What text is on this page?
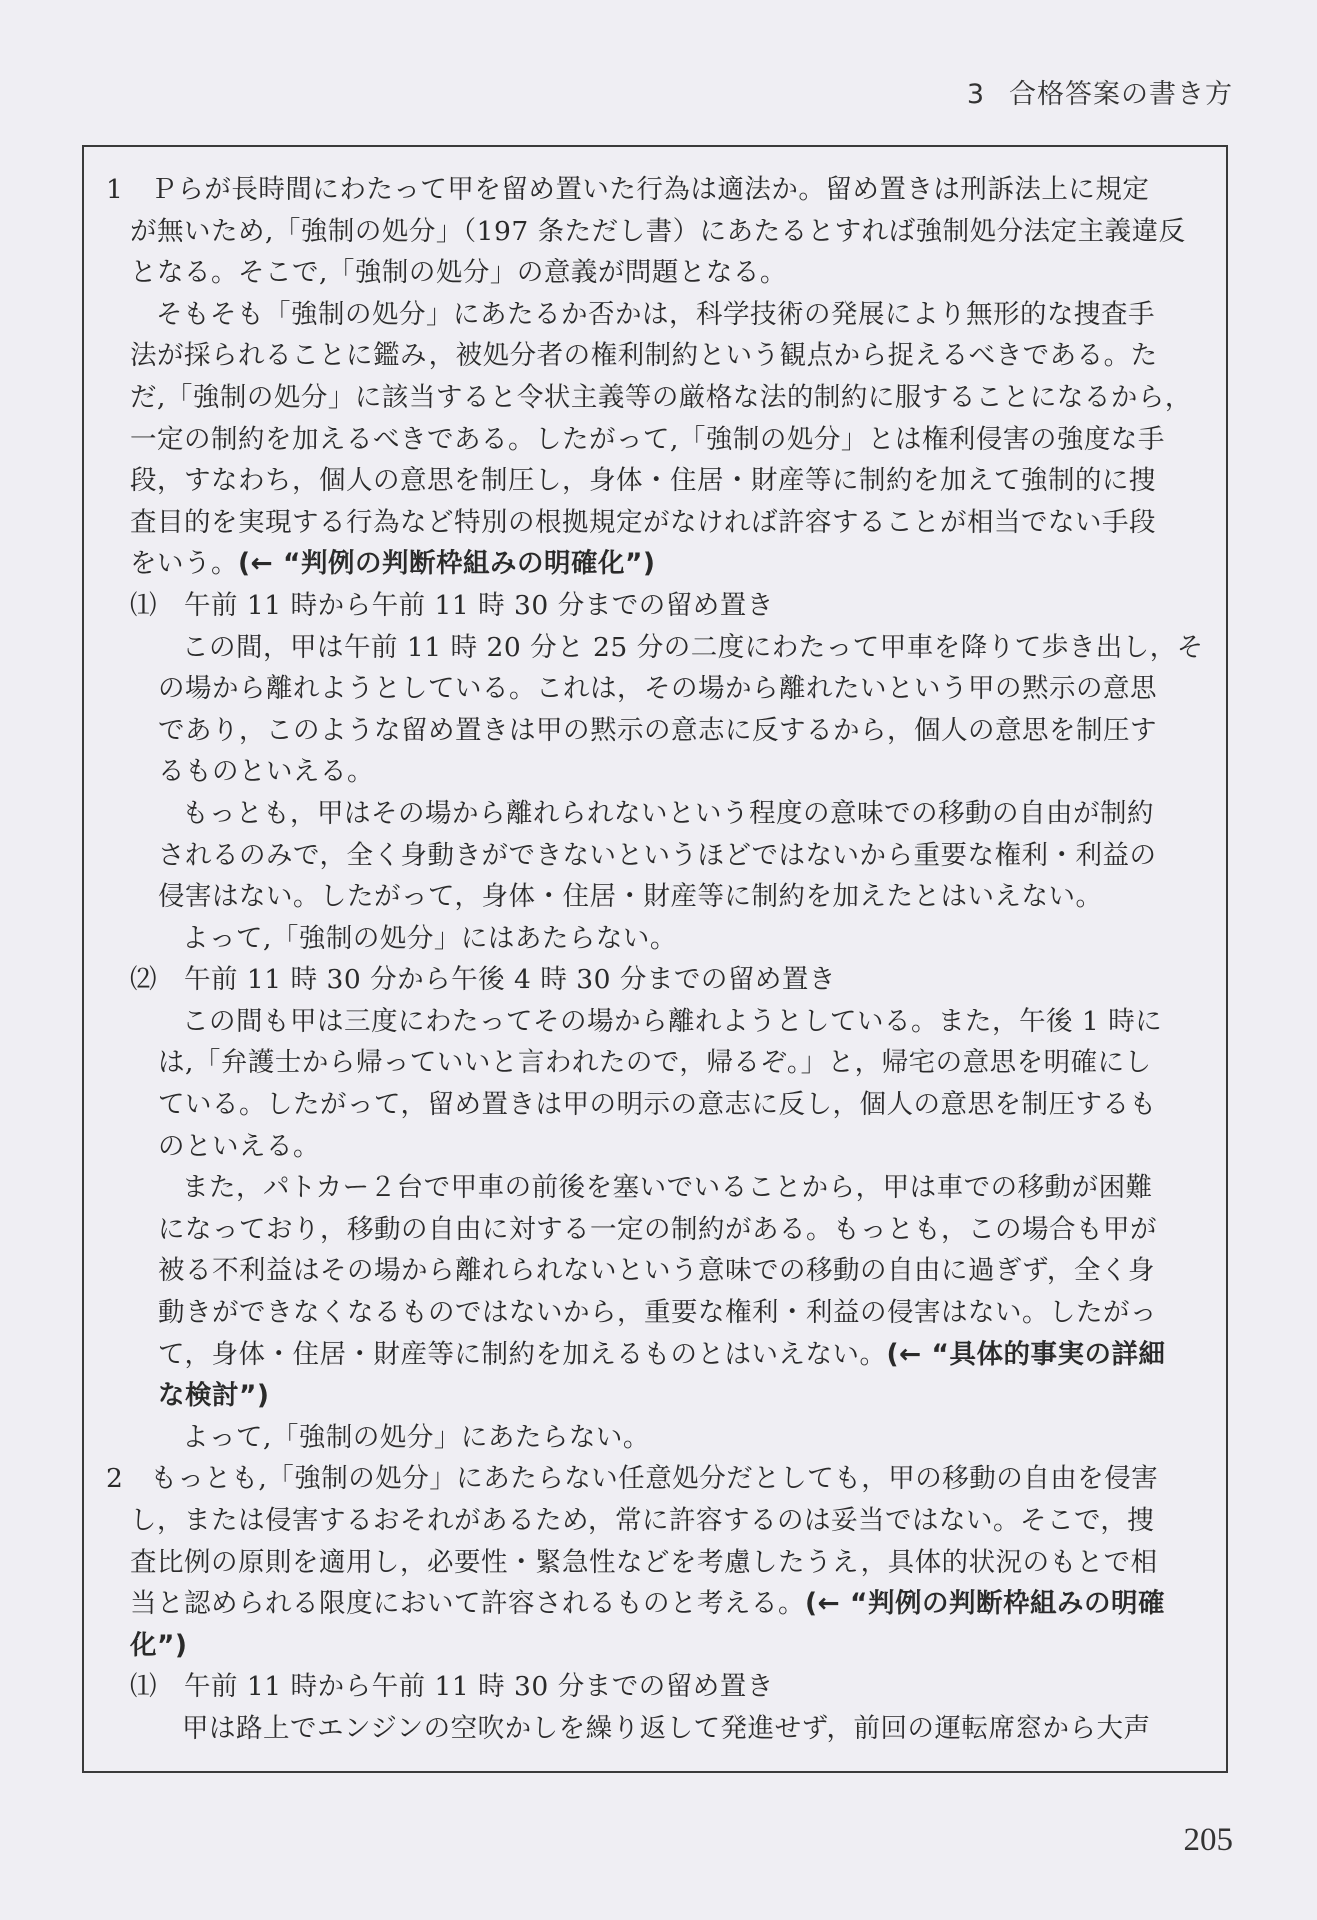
3 合格答案の書き方
1　Ｐらが長時間にわたって甲を留め置いた行為は適法か。留め置きは刑訴法上に規定
が無いため,「強制の処分」（197 条ただし書）にあたるとすれば強制処分法定主義違反
となる。そこで,「強制の処分」の意義が問題となる。
そもそも「強制の処分」にあたるか否かは，科学技術の発展により無形的な捜査手
法が採られることに鑑み，被処分者の権利制約という観点から捉えるべきである。た
だ,「強制の処分」に該当すると令状主義等の厳格な法的制約に服することになるから，
一定の制約を加えるべきである。したがって,「強制の処分」とは権利侵害の強度な手
段，すなわち，個人の意思を制圧し，身体・住居・財産等に制約を加えて強制的に捜
査目的を実現する行為など特別の根拠規定がなければ許容することが相当でない手段
をいう。(← “判例の判断枠組みの明確化”)
⑴　午前 11 時から午前 11 時 30 分までの留め置き
この間，甲は午前 11 時 20 分と 25 分の二度にわたって甲車を降りて歩き出し，そ
の場から離れようとしている。これは，その場から離れたいという甲の黙示の意思
であり，このような留め置きは甲の黙示の意志に反するから，個人の意思を制圧す
るものといえる。
もっとも，甲はその場から離れられないという程度の意味での移動の自由が制約
されるのみで，全く身動きができないというほどではないから重要な権利・利益の
侵害はない。したがって，身体・住居・財産等に制約を加えたとはいえない。
よって,「強制の処分」にはあたらない。
⑵　午前 11 時 30 分から午後 4 時 30 分までの留め置き
この間も甲は三度にわたってその場から離れようとしている。また，午後 1 時に
は,「弁護士から帰っていいと言われたので，帰るぞ。」と，帰宅の意思を明確にし
ている。したがって，留め置きは甲の明示の意志に反し，個人の意思を制圧するも
のといえる。
また，パトカー２台で甲車の前後を塞いでいることから，甲は車での移動が困難
になっており，移動の自由に対する一定の制約がある。もっとも，この場合も甲が
被る不利益はその場から離れられないという意味での移動の自由に過ぎず，全く身
動きができなくなるものではないから，重要な権利・利益の侵害はない。したがっ
て，身体・住居・財産等に制約を加えるものとはいえない。(← “具体的事実の詳細
な検討”)
よって,「強制の処分」にあたらない。
2　もっとも,「強制の処分」にあたらない任意処分だとしても，甲の移動の自由を侵害
し，または侵害するおそれがあるため，常に許容するのは妥当ではない。そこで，捜
査比例の原則を適用し，必要性・緊急性などを考慮したうえ，具体的状況のもとで相
当と認められる限度において許容されるものと考える。(← “判例の判断枠組みの明確
化”)
⑴　午前 11 時から午前 11 時 30 分までの留め置き
甲は路上でエンジンの空吹かしを繰り返して発進せず，前回の運転席窓から大声
205
